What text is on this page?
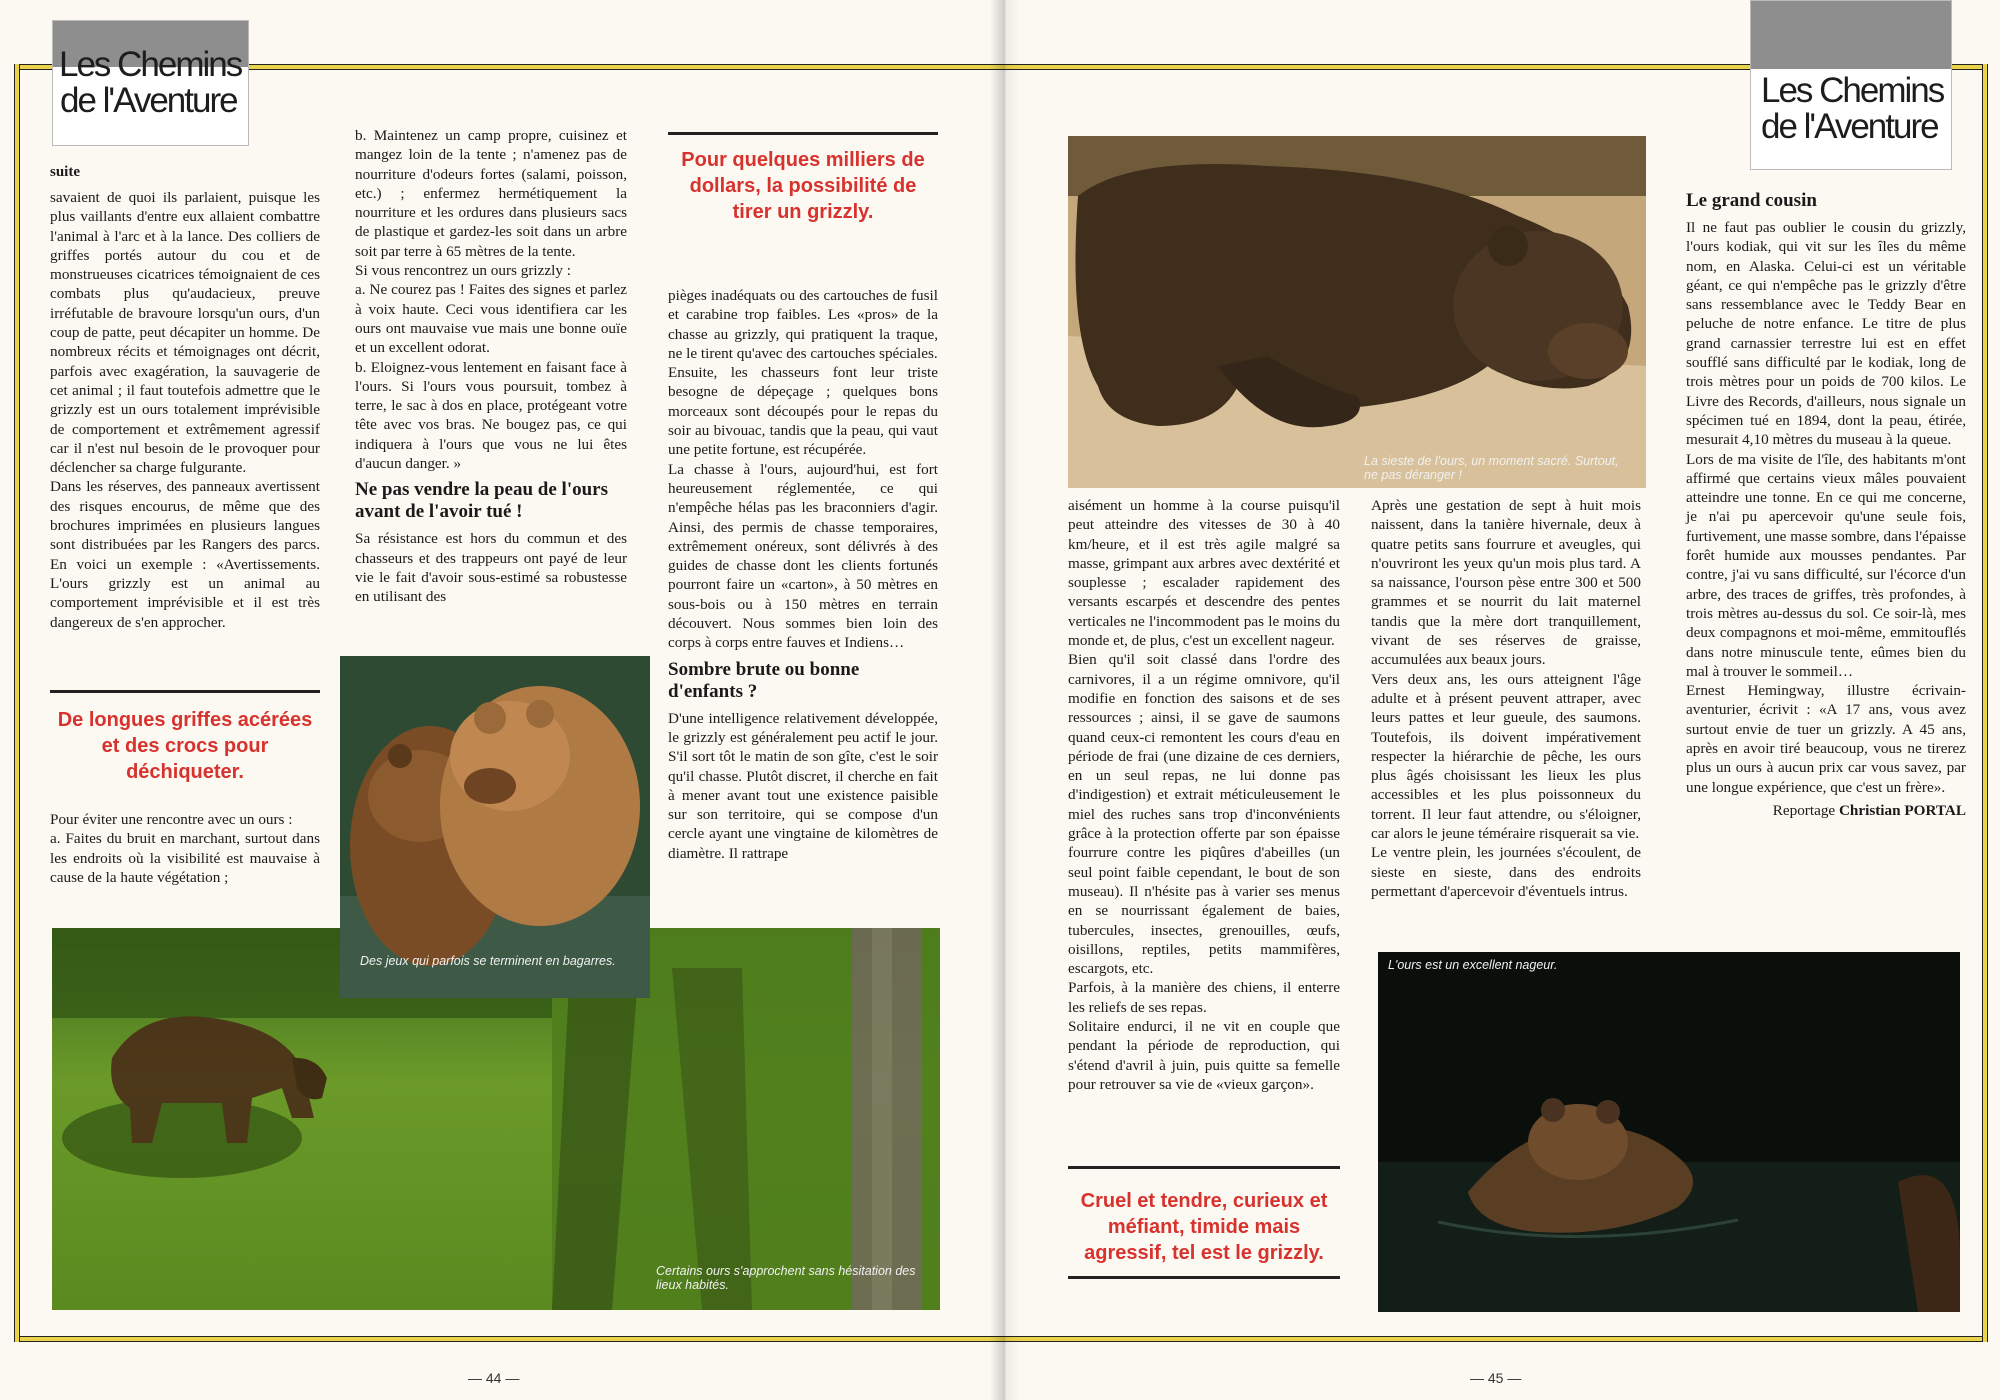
Les Chemins
de l'Aventure
suite

savaient de quoi ils parlaient, puisque les plus vaillants d'entre eux allaient combattre l'animal à l'arc et à la lance. Des colliers de griffes portés autour du cou et de monstrueuses cicatrices témoignaient de ces combats plus qu'audacieux, preuve irréfutable de bravoure lorsqu'un ours, d'un coup de patte, peut décapiter un homme. De nombreux récits et témoignages ont décrit, parfois avec exagération, la sauvagerie de cet animal ; il faut toutefois admettre que le grizzly est un ours totalement imprévisible de comportement et extrêmement agressif car il n'est nul besoin de le provoquer pour déclencher sa charge fulgurante.

Dans les réserves, des panneaux avertissent des risques encourus, de même que des brochures imprimées en plusieurs langues sont distribuées par les Rangers des parcs. En voici un exemple : «Avertissements. L'ours grizzly est un animal au comportement imprévisible et il est très dangereux de s'en approcher.

De longues griffes acérées et des crocs pour déchiqueter.

Pour éviter une rencontre avec un ours :

a. Faites du bruit en marchant, surtout dans les endroits où la visibilité est mauvaise à cause de la haute végétation ;

b. Maintenez un camp propre, cuisinez et mangez loin de la tente ; n'amenez pas de nourriture d'odeurs fortes (salami, poisson, etc.) ; enfermez hermétiquement la nourriture et les ordures dans plusieurs sacs de plastique et gardez-les soit dans un arbre soit par terre à 65 mètres de la tente.

Si vous rencontrez un ours grizzly :

a. Ne courez pas ! Faites des signes et parlez à voix haute. Ceci vous identifiera car les ours ont mauvaise vue mais une bonne ouïe et un excellent odorat.

b. Eloignez-vous lentement en faisant face à l'ours. Si l'ours vous poursuit, tombez à terre, le sac à dos en place, protégeant votre tête avec vos bras. Ne bougez pas, ce qui indiquera à l'ours que vous ne lui êtes d'aucun danger. »

Ne pas vendre la peau de l'ours avant de l'avoir tué !

Sa résistance est hors du commun et des chasseurs et des trappeurs ont payé de leur vie le fait d'avoir sous-estimé sa robustesse en utilisant des

Pour quelques milliers de dollars, la possibilité de tirer un grizzly.

pièges inadéquats ou des cartouches de fusil et carabine trop faibles. Les «pros» de la chasse au grizzly, qui pratiquent la traque, ne le tirent qu'avec des cartouches spéciales.

Ensuite, les chasseurs font leur triste besogne de dépeçage ; quelques bons morceaux sont découpés pour le repas du soir au bivouac, tandis que la peau, qui vaut une petite fortune, est récupérée.

La chasse à l'ours, aujourd'hui, est fort heureusement réglementée, ce qui n'empêche hélas pas les braconniers d'agir. Ainsi, des permis de chasse temporaires, extrêmement onéreux, sont délivrés à des guides de chasse dont les clients fortunés pourront faire un «carton», à 50 mètres en sous-bois ou à 150 mètres en terrain découvert. Nous sommes bien loin des corps à corps entre fauves et Indiens…

Sombre brute ou bonne d'enfants ?

D'une intelligence relativement développée, le grizzly est généralement peu actif le jour. S'il sort tôt le matin de son gîte, c'est le soir qu'il chasse. Plutôt discret, il cherche en fait à mener avant tout une existence paisible sur son territoire, qui se compose d'un cercle ayant une vingtaine de kilomètres de diamètre. Il rattrape

Certains ours s'approchent sans hésitation des lieux habités.
Des jeux qui parfois se terminent en bagarres.
— 44 —
Les Chemins
de l'Aventure
La sieste de l'ours, un moment sacré. Surtout, ne pas déranger !

aisément un homme à la course puisqu'il peut atteindre des vitesses de 30 à 40 km/heure, et il est très agile malgré sa masse, grimpant aux arbres avec dextérité et souplesse ; escalader rapidement des versants escarpés et descendre des pentes verticales ne l'incommodent pas le moins du monde et, de plus, c'est un excellent nageur.

Bien qu'il soit classé dans l'ordre des carnivores, il a un régime omnivore, qu'il modifie en fonction des saisons et de ses ressources ; ainsi, il se gave de saumons quand ceux-ci remontent les cours d'eau en période de frai (une dizaine de ces derniers, en un seul repas, ne lui donne pas d'indigestion) et extrait méticuleusement le miel des ruches sans trop d'inconvénients grâce à la protection offerte par son épaisse fourrure contre les piqûres d'abeilles (un seul point faible cependant, le bout de son museau). Il n'hésite pas à varier ses menus en se nourrissant également de baies, tubercules, insectes, grenouilles, œufs, oisillons, reptiles, petits mammifères, escargots, etc.

Parfois, à la manière des chiens, il enterre les reliefs de ses repas.

Solitaire endurci, il ne vit en couple que pendant la période de reproduction, qui s'étend d'avril à juin, puis quitte sa femelle pour retrouver sa vie de «vieux garçon».

Cruel et tendre, curieux et méfiant, timide mais agressif, tel est le grizzly.

Après une gestation de sept à huit mois naissent, dans la tanière hivernale, deux à quatre petits sans fourrure et aveugles, qui n'ouvriront les yeux qu'un mois plus tard. A sa naissance, l'ourson pèse entre 300 et 500 grammes et se nourrit du lait maternel tandis que la mère dort tranquillement, vivant de ses réserves de graisse, accumulées aux beaux jours.

Vers deux ans, les ours atteignent l'âge adulte et à présent peuvent attraper, avec leurs pattes et leur gueule, des saumons. Toutefois, ils doivent impérativement respecter la hiérarchie de pêche, les ours plus âgés choisissant les lieux les plus accessibles et les plus poissonneux du torrent. Il leur faut attendre, ou s'éloigner, car alors le jeune téméraire risquerait sa vie.

Le ventre plein, les journées s'écoulent, de sieste en sieste, dans des endroits permettant d'apercevoir d'éventuels intrus.

Le grand cousin

Il ne faut pas oublier le cousin du grizzly, l'ours kodiak, qui vit sur les îles du même nom, en Alaska. Celui-ci est un véritable géant, ce qui n'empêche pas le grizzly d'être sans ressemblance avec le Teddy Bear en peluche de notre enfance. Le titre de plus grand carnassier terrestre lui est en effet soufflé sans difficulté par le kodiak, long de trois mètres pour un poids de 700 kilos. Le Livre des Records, d'ailleurs, nous signale un spécimen tué en 1894, dont la peau, étirée, mesurait 4,10 mètres du museau à la queue.

Lors de ma visite de l'île, des habitants m'ont affirmé que certains vieux mâles pouvaient atteindre une tonne. En ce qui me concerne, je n'ai pu apercevoir qu'une seule fois, furtivement, une masse sombre, dans l'épaisse forêt humide aux mousses pendantes. Par contre, j'ai vu sans difficulté, sur l'écorce d'un arbre, des traces de griffes, très profondes, à trois mètres au-dessus du sol. Ce soir-là, mes deux compagnons et moi-même, emmitouflés dans notre minuscule tente, eûmes bien du mal à trouver le sommeil…

Ernest Hemingway, illustre écrivain-aventurier, écrivit : «A 17 ans, vous avez surtout envie de tuer un grizzly. A 45 ans, après en avoir tiré beaucoup, vous ne tirerez plus un ours à aucun prix car vous savez, par une longue expérience, que c'est un frère».

Reportage Christian PORTAL

L'ours est un excellent nageur.
— 45 —
